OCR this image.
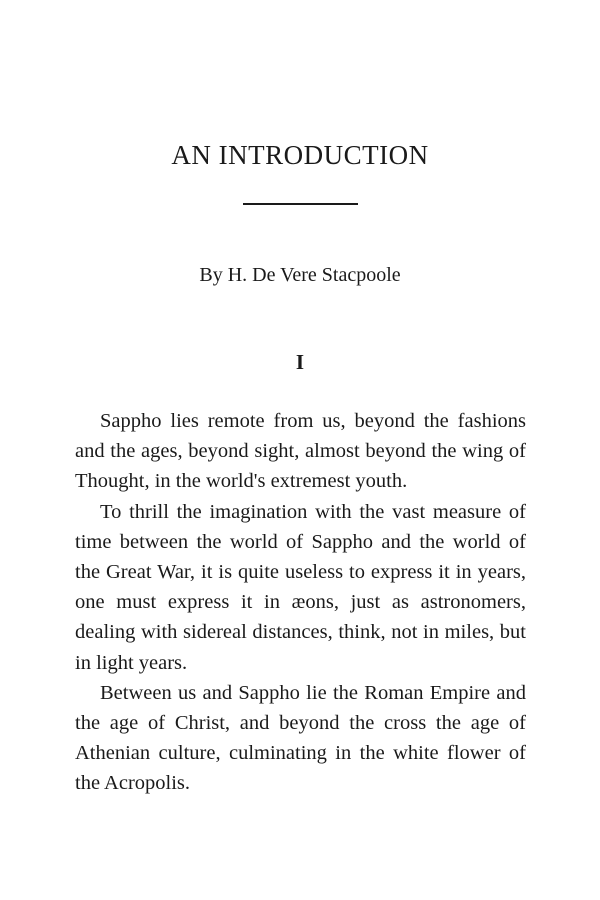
AN INTRODUCTION
By H. De Vere Stacpoole
I

Sappho lies remote from us, beyond the fashions and the ages, beyond sight, almost beyond the wing of Thought, in the world's extremest youth.

To thrill the imagination with the vast measure of time between the world of Sappho and the world of the Great War, it is quite useless to express it in years, one must express it in æons, just as astronomers, dealing with sidereal distances, think, not in miles, but in light years.

Between us and Sappho lie the Roman Empire and the age of Christ, and beyond the cross the age of Athenian culture, culminating in the white flower of the Acropolis.
